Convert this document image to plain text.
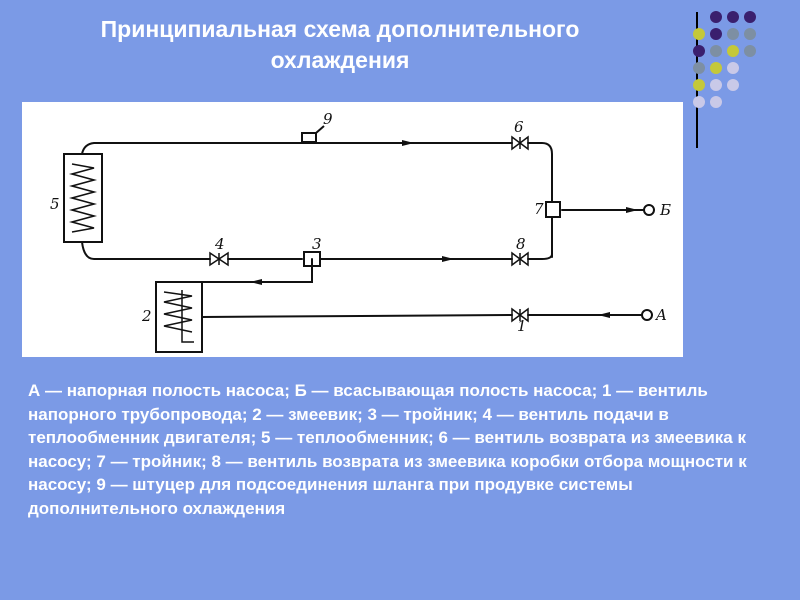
Принципиальная схема дополнительного
охлаждения
5
2
9	6
7
4	3	8
1
Б
A
А — напорная полость насоса; Б — всасывающая полость насоса; 1 — вентиль напорного трубопровода; 2 — змеевик; 3 — тройник; 4 — вентиль подачи в теплообменник двигателя; 5 — теплообменник; 6 — вентиль возврата из змеевика к насосу; 7 — тройник; 8 — вентиль возврата из змеевика коробки отбора мощности к насосу; 9 — штуцер для подсоединения шланга при продувке системы дополнительного охлаждения
